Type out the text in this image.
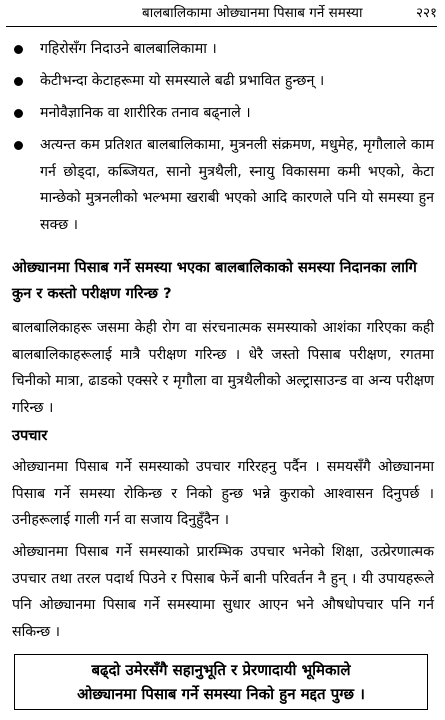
बालबालिकामा ओछ्यानमा पिसाब गर्ने समस्या	२२१
गहिरोसँग निदाउने बालबालिकामा ।
केटीभन्दा केटाहरूमा यो समस्याले बढी प्रभावित हुन्छन् ।
मनोवैज्ञानिक वा शारीरिक तनाव बढ्नाले ।
अत्यन्त कम प्रतिशत बालबालिकामा, मुत्रनली संक्रमण, मधुमेह, मृगौलाले काम गर्न छोड्दा, कब्जियत, सानो मुत्रथैली, स्नायु विकासमा कमी भएको, केटा मान्छेको मुत्रनलीको भल्भमा खराबी भएको आदि कारणले पनि यो समस्या हुन सक्छ ।
ओछ्यानमा पिसाब गर्ने समस्या भएका बालबालिकाको समस्या निदानका लागि कुन र कस्तो परीक्षण गरिन्छ ?
बालबालिकाहरू जसमा केही रोग वा संरचनात्मक समस्याको आशंका गरिएका कही बालबालिकाहरूलाई मात्रै परीक्षण गरिन्छ । धेरै जस्तो पिसाब परीक्षण, रगतमा चिनीको मात्रा, ढाडको एक्सरे र मृगौला वा मुत्रथैलीको अल्ट्रासाउन्ड वा अन्य परीक्षण गरिन्छ ।
उपचार
ओछ्यानमा पिसाब गर्ने समस्याको उपचार गरिरहनु पर्दैन । समयसँगै ओछ्यानमा पिसाब गर्ने समस्या रोकिन्छ र निको हुन्छ भन्ने कुराको आश्वासन दिनुपर्छ । उनीहरूलाई गाली गर्न वा सजाय दिनुहुँदैन ।
ओछ्यानमा पिसाब गर्ने समस्याको प्रारम्भिक उपचार भनेको शिक्षा, उत्प्रेरणात्मक उपचार तथा तरल पदार्थ पिउने र पिसाब फेर्ने बानी परिवर्तन नै हुन् । यी उपायहरूले पनि ओछ्यानमा पिसाब गर्ने समस्यामा सुधार आएन भने औषधोपचार पनि गर्न सकिन्छ ।
बढ्दो उमेरसँगै सहानुभूति र प्रेरणादायी भूमिकाले
ओछ्यानमा पिसाब गर्ने समस्या निको हुन मद्दत पुग्छ ।
